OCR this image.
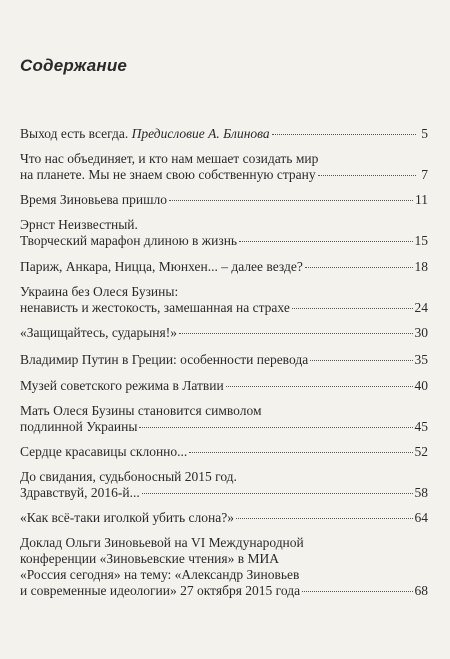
Содержание
Выход есть всегда.
Предисловие А. Блинова	5
Что нас объединяет, и кто нам мешает созидать мир
на планете. Мы не знаем свою собственную страну	7
Время Зиновьева пришло	11
Эрнст Неизвестный.
Творческий марафон длиною в жизнь	15
Париж, Анкара, Ницца, Мюнхен... – далее везде?	18
Украина без Олеся Бузины:
ненависть и жестокость, замешанная на страхе	24
«Защищайтесь, сударыня!»	30
Владимир Путин в Греции: особенности перевода	35
Музей советского режима в Латвии	40
Мать Олеся Бузины становится символом
подлинной Украины	45
Сердце красавицы склонно...	52
До свидания, судьбоносный 2015 год.
Здравствуй, 2016-й...	58
«Как всё-таки иголкой убить слона?»	64
Доклад Ольги Зиновьевой на VI Международной
конференции «Зиновьевские чтения» в МИА
«Россия сегодня» на тему: «Александр Зиновьев
и современные идеологии» 27 октября 2015 года	68
